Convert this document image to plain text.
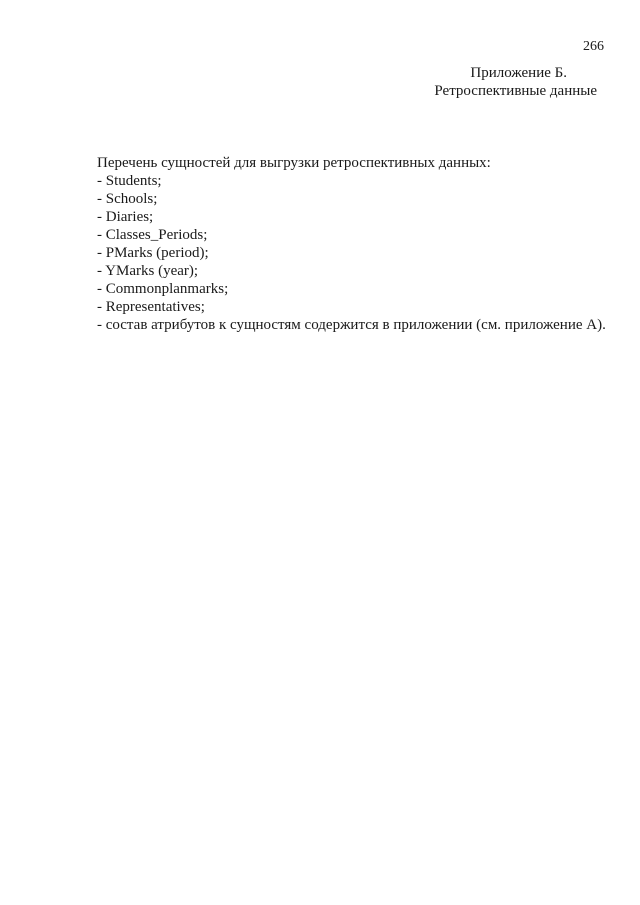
266
Приложение Б.
Ретроспективные данные
Перечень сущностей для выгрузки ретроспективных данных:
- Students;
- Schools;
- Diaries;
- Classes_Periods;
- PMarks (period);
- YMarks (year);
- Commonplanmarks;
- Representatives;
- состав атрибутов к сущностям содержится в приложении (см. приложение А).
